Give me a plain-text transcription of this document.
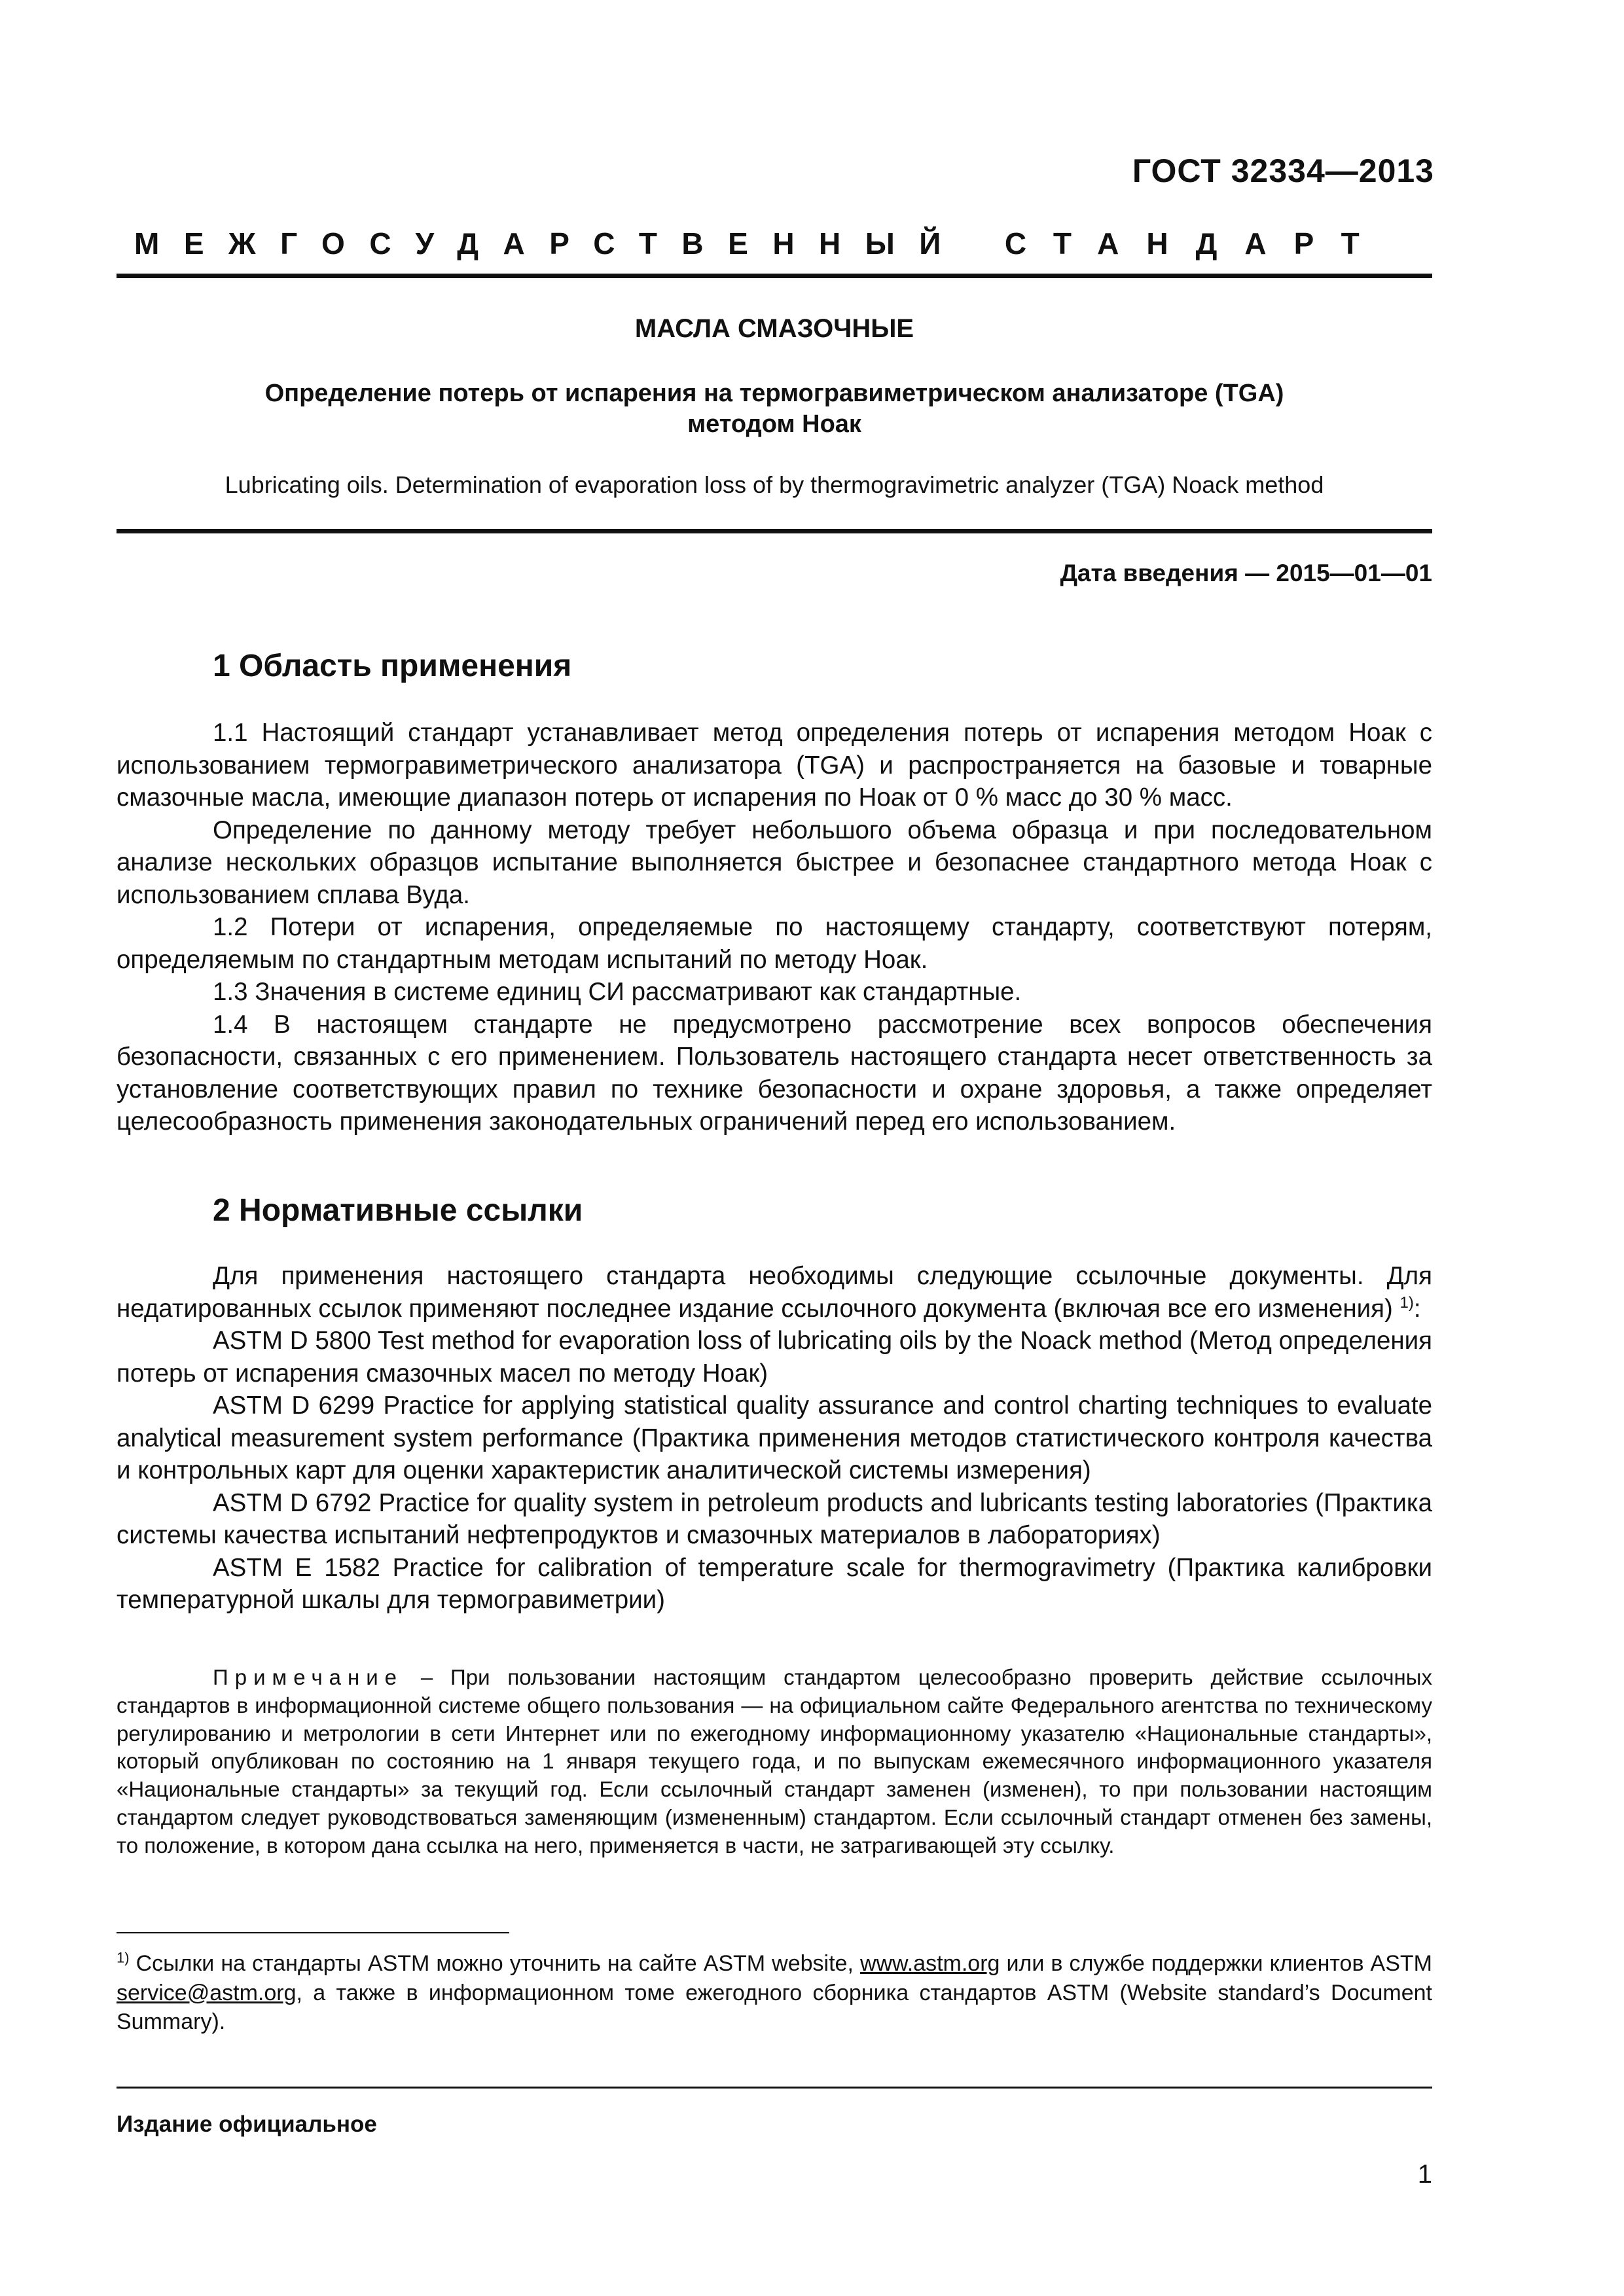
ГОСТ 32334—2013
МЕЖГОСУДАРСТВЕННЫЙ СТАНДАРТ
МАСЛА СМАЗОЧНЫЕ
Определение потерь от испарения на термогравиметрическом анализаторе (TGA)
методом Ноак
Lubricating oils. Determination of evaporation loss of by thermogravimetric analyzer (TGA) Noack method
Дата введения — 2015—01—01
1 Область применения

1.1 Настоящий стандарт устанавливает метод определения потерь от испарения методом Ноак с использованием термогравиметрического анализатора (TGA) и распространяется на базовые и товарные смазочные масла, имеющие диапазон потерь от испарения по Ноак от 0 % масс до 30 % масс.

Определение по данному методу требует небольшого объема образца и при последовательном анализе нескольких образцов испытание выполняется быстрее и безопаснее стандартного метода Ноак с использованием сплава Вуда.

1.2 Потери от испарения, определяемые по настоящему стандарту, соответствуют потерям, определяемым по стандартным методам испытаний по методу Ноак.

1.3 Значения в системе единиц СИ рассматривают как стандартные.

1.4 В настоящем стандарте не предусмотрено рассмотрение всех вопросов обеспечения безопасности, связанных с его применением. Пользователь настоящего стандарта несет ответственность за установление соответствующих правил по технике безопасности и охране здоровья, а также определяет целесообразность применения законодательных ограничений перед его использованием.

2 Нормативные ссылки

Для применения настоящего стандарта необходимы следующие ссылочные документы. Для недатированных ссылок применяют последнее издание ссылочного документа (включая все его изменения) $^{1)}$:

ASTM D 5800 Test method for evaporation loss of lubricating oils by the Noack method (Метод определения потерь от испарения смазочных масел по методу Ноак)

ASTM D 6299 Practice for applying statistical quality assurance and control charting techniques to evaluate analytical measurement system performance (Практика применения методов статистического контроля качества и контрольных карт для оценки характеристик аналитической системы измерения)

ASTM D 6792 Practice for quality system in petroleum products and lubricants testing laboratories (Практика системы качества испытаний нефтепродуктов и смазочных материалов в лабораториях)

ASTM E 1582 Practice for calibration of temperature scale for thermogravimetry (Практика калибровки температурной шкалы для термогравиметрии)

Примечание – При пользовании настоящим стандартом целесообразно проверить действие ссылочных стандартов в информационной системе общего пользования — на официальном сайте Федерального агентства по техническому регулированию и метрологии в сети Интернет или по ежегодному информационному указателю «Национальные стандарты», который опубликован по состоянию на 1 января текущего года, и по выпускам ежемесячного информационного указателя «Национальные стандарты» за текущий год. Если ссылочный стандарт заменен (изменен), то при пользовании настоящим стандартом следует руководствоваться заменяющим (измененным) стандартом. Если ссылочный стандарт отменен без замены, то положение, в котором дана ссылка на него, применяется в части, не затрагивающей эту ссылку.

$^{1)}$ Ссылки на стандарты ASTM можно уточнить на сайте ASTM website, www.astm.org или в службе поддержки клиентов ASTM service@astm.org, а также в информационном томе ежегодного сборника стандартов ASTM (Website standard’s Document Summary).

Издание официальное
1
